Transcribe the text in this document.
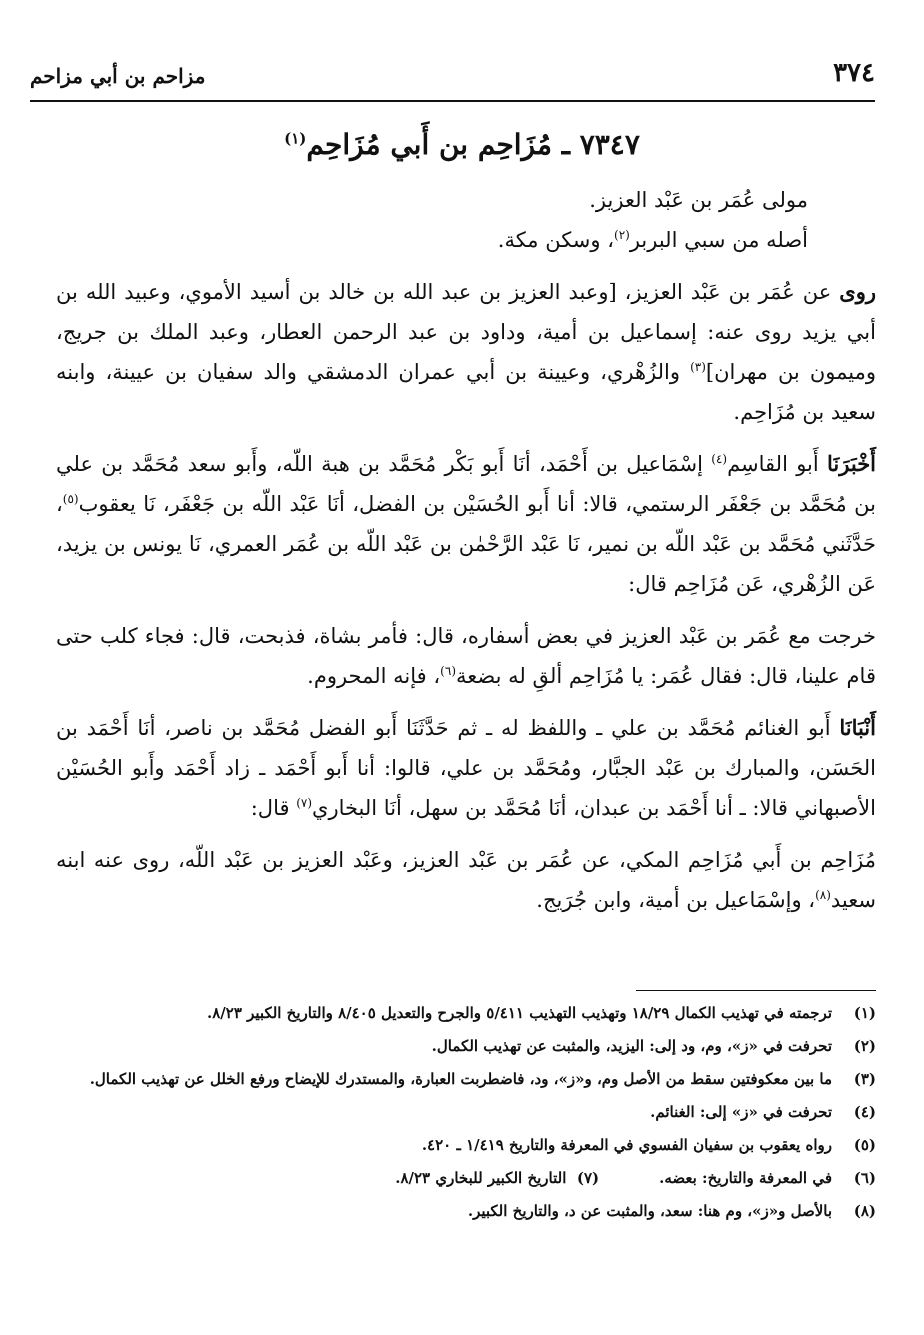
٣٧٤
مزاحم بن أبي مزاحم
٧٣٤٧ ـ مُزَاحِم بن أَبي مُزَاحِم$^{(١)}$

مولى عُمَر بن عَبْد العزيز.

أصله من سبي البربر$^{(٢)}$، وسكن مكة.

روى عن عُمَر بن عَبْد العزيز، [وعبد العزيز بن عبد الله بن خالد بن أسيد الأموي، وعبيد الله بن أبي يزيد روى عنه: إسماعيل بن أمية، وداود بن عبد الرحمن العطار، وعبد الملك بن جريج، وميمون بن مهران]$^{(٣)}$ والزُهْري، وعيينة بن أبي عمران الدمشقي والد سفيان بن عيينة، وابنه سعيد بن مُزَاحِم.

أَخْبَرَنَا أَبو القاسِم$^{(٤)}$ إسْمَاعيل بن أَحْمَد، أنَا أَبو بَكْر مُحَمَّد بن هبة اللّه، وأَبو سعد مُحَمَّد بن علي بن مُحَمَّد بن جَعْفَر الرستمي، قالا: أنا أَبو الحُسَيْن بن الفضل، أنَا عَبْد اللّه بن جَعْفَر، نَا يعقوب$^{(٥)}$، حَدَّثَني مُحَمَّد بن عَبْد اللّه بن نمير، نَا عَبْد الرَّحْمٰن بن عَبْد اللّه بن عُمَر العمري، نَا يونس بن يزيد، عَن الزُهْري، عَن مُزَاحِم قال:

خرجت مع عُمَر بن عَبْد العزيز في بعض أسفاره، قال: فأمر بشاة، فذبحت، قال: فجاء كلب حتى قام علينا، قال: فقال عُمَر: يا مُزَاحِم ألقِ له بضعة$^{(٦)}$، فإنه المحروم.

أَنْبَانَا أَبو الغنائم مُحَمَّد بن علي ـ واللفظ له ـ ثم حَدَّثَنَا أَبو الفضل مُحَمَّد بن ناصر، أنَا أَحْمَد بن الحَسَن، والمبارك بن عَبْد الجبَّار، ومُحَمَّد بن علي، قالوا: أنا أَبو أَحْمَد ـ زاد أَحْمَد وأَبو الحُسَيْن الأصبهاني قالا: ـ أنا أَحْمَد بن عبدان، أنَا مُحَمَّد بن سهل، أنَا البخاري$^{(٧)}$ قال:

مُزَاحِم بن أَبي مُزَاحِم المكي، عن عُمَر بن عَبْد العزيز، وعَبْد العزيز بن عَبْد اللّه، روى عنه ابنه سعيد$^{(٨)}$، وإسْمَاعيل بن أمية، وابن جُرَيج.

(١)
ترجمته في تهذيب الكمال ١٨/٢٩ وتهذيب التهذيب ٥/٤١١ والجرح والتعديل ٨/٤٠٥ والتاريخ الكبير ٨/٢٣.
(٢)
تحرفت في «ز»، وم، ود إلى: اليزيد، والمثبت عن تهذيب الكمال.
(٣)
ما بين معكوفتين سقط من الأصل وم، و«ز»، ود، فاضطربت العبارة، والمستدرك للإيضاح ورفع الخلل عن تهذيب الكمال.
(٤)
تحرفت في «ز» إلى: الغنائم.
(٥)
رواه يعقوب بن سفيان الفسوي في المعرفة والتاريخ ١/٤١٩ ـ ٤٢٠.
(٦)
في المعرفة والتاريخ: بعضه.
(٧)  التاريخ الكبير للبخاري ٨/٢٣.
(٨)
بالأصل و«ز»، وم هنا: سعد، والمثبت عن د، والتاريخ الكبير.
